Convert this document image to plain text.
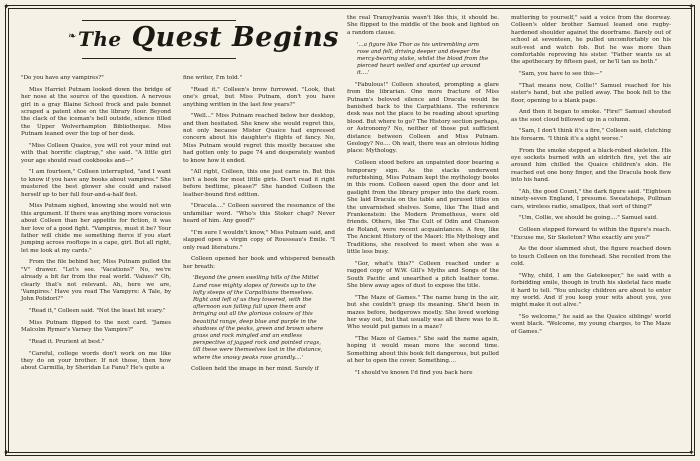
✦	✦
✦	✦
❧ The Quest Begins

"Do you have any vampires?"

Miss Harriet Putnam looked down the bridge of her nose at the source of the question. A nervous girl in a gray Blaine School frock and pale bonnet scraped a patent shoe on the library floor. Beyond the clack of the iceman's bell outside, silence filled the Upper Wolverhampton Bibliotheque. Miss Putnam leaned over the top of her desk.

"Miss Colleen Quaice, you will rot your mind out with that horrific claptrap," she said. "A little girl your age should read cookbooks and—"

"I am fourteen," Colleen interrupted, "and I want to know if you have any books about vampires." She mustered the best glower she could and raised herself up to her full four-and-a-half feet.

Miss Putnam sighed, knowing she would not win this argument. If there was anything more voracious about Colleen than her appetite for fiction, it was her love of a good fight. "Vampires, must it be? Your father will chide me something fierce if you start jumping across rooftops in a cape, girl. But all right, let me look at my cards."

From the file behind her, Miss Putnam pulled the "V" drawer. "Let's see. 'Vacations?' No, we're already a bit far from the real world. 'Values?' Oh, clearly that's not relevant. Ah, here we are, 'Vampires.' Have you read The Vampyre: A Tale, by John Polidori?"

"Read it," Colleen said. "Not the least bit scary."

Miss Putnam flipped to the next card. "James Malcolm Rymer's Varney the Vampire?"

"Read it. Prurient at best."

"Careful, college words don't work on me like they do on your brother. If not those, then how about Carmilla, by Sheridan Le Fanu? He's quite a

fine writer, I'm told."

"Read it." Colleen's brow furrowed. "Look, that one's great, but Miss Putnam, don't you have anything written in the last few years?"

"Well..." Miss Putnam reached below her desktop, and then hesitated. She knew she would regret this, not only because Mister Quaice had expressed concern about his daughter's flights of fancy. No, Miss Putnam would regret this mostly because she had gotten only to page 74 and desperately wanted to know how it ended.

"All right, Colleen, this one just came in. But this isn't a book for most little girls. Don't read it right before bedtime, please?" She handed Colleen the leather-bound first edition.

"Dracula...." Colleen savored the resonance of the unfamiliar word. "Who's this Stoker chap? Never heard of him. Any good?"

"I'm sure I wouldn't know," Miss Putnam said, and slapped open a virgin copy of Rousseau's Emile. "I only read literature."

Colleen opened her book and whispered beneath her breath:

'Beyond the green swelling hills of the Mittel Land rose mighty slopes of forests up to the lofty steeps of the Carpathians themselves. Right and left of us they towered, with the afternoon sun falling full upon them and bringing out all the glorious colours of this beautiful range, deep blue and purple in the shadows of the peaks, green and brown where grass and rock mingled and an endless perspective of jagged rock and pointed crags, till these were themselves lost in the distance, where the snowy peaks rose grandly....'

Colleen held the image in her mind. Surely if

the real Transylvania wasn't like this, it should be. She flipped to the middle of the book and lighted on a random clause.

'...a figure like Thor as his untrembling arm rose and fell, driving deeper and deeper the mercy-bearing stake, whilst the blood from the pierced heart welled and spurted up around it....'

"Fabulous!" Colleen shouted, prompting a glare from the librarian. One more fracture of Miss Putnam's beloved silence and Dracula would be banished back to the Carpathians. The reference desk was not the place to be reading about spurting blood. But where to go? The History section perhaps, or Astronomy? No, neither of those put sufficient distance between Colleen and Miss Putnam. Geology? No.... Oh wait, there was an obvious hiding place: Mythology.

Colleen stood before an unpainted door bearing a temporary sign. As the stacks underwent refurbishing, Miss Putnam kept the mythology books in this room. Colleen eased open the door and let gaslight from the library proper into the dark room. She laid Dracula on the table and perused titles on the unvarnished shelves. Some, like The Iliad and Frankenstein: the Modern Prometheus, were old friends. Others, like The Cult of Odin and Chanson de Roland, were recent acquaintances. A few, like The Ancient History of the Maori: His Mythology and Traditions, she resolved to meet when she was a little less busy.

"Gor, what's this?" Colleen reached under a ragged copy of W.W. Gill's Myths and Songs of the South Pacific and unearthed a pitch leather tome. She blew away ages of dust to expose the title.

"The Maze of Games." The name hung in the air, but she couldn't grasp its meaning. She'd been in mazes before, hedgerows mostly. She loved working her way out, but that usually was all there was to it. Who would put games in a maze?

"The Maze of Games." She said the name again, hoping it would mean more the second time. Something about this book felt dangerous, but pulled at her to open the cover. Something....

"I should've known I'd find you back here

muttering to yourself," said a voice from the doorway. Colleen's older brother Samuel leaned one rugby-hardened shoulder against the doorframe. Barely out of school at seventeen, he pulled uncomfortably on his suit-vest and watch fob. But he was more than comfortable reproving his sister. "Father wants us at the apothecary by fifteen past, or he'll tan us both."

"Sam, you have to see this—"

"That means now, Collie!" Samuel reached for his sister's hand, but she pulled away. The book fell to the floor, opening to a blank page.

And then it began to smoke. "Fire!" Samuel shouted as the soot cloud billowed up in a column.

"Sam, I don't think it's a fire," Colleen said, clutching his forearm. "I think it's a sight worse."

From the smoke stepped a black-robed skeleton. His eye sockets burned with an eldritch fire, yet the air around him chilled the Quaice children's skin. He reached out one bony finger, and the Dracula book flew into his hand.

"Ah, the good Count," the dark figure said. "Eighteen ninety-seven England, I presume. Sweatshops, Pullman cars, wireless radio, smallpox, that sort of thing?"

"Um, Collie, we should be going...." Samuel said.

Colleen stepped forward to within the figure's reach. "Excuse me, Sir Skeleton? Who exactly are you?"

As the door slammed shut, the figure reached down to touch Colleen on the forehead. She recoiled from the cold.

"Why, child, I am the Gatekeeper," he said with a forbidding smile, though in truth his skeletal face made it hard to tell. "You unlucky children are about to enter my world. And if you keep your wits about you, you might make it out alive."

"So welcome," he said as the Quaice siblings' world went black. "Welcome, my young charges, to The Maze of Games."
